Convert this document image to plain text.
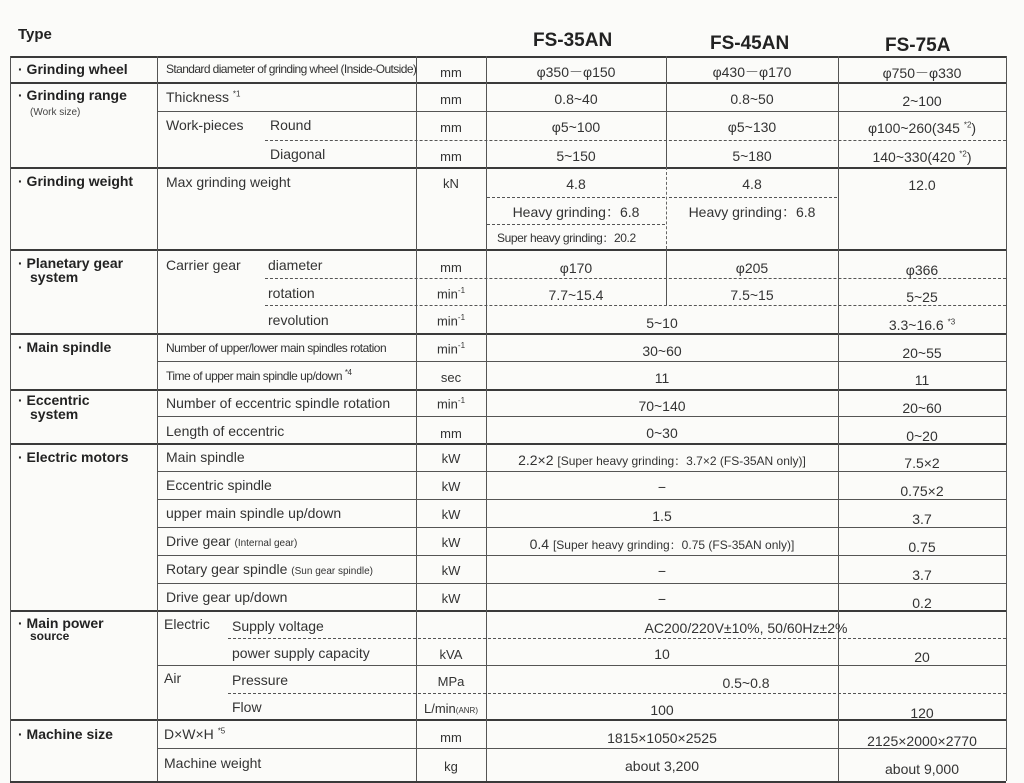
Type	FS-35AN	FS-45AN	FS-75A
· Grinding wheel	Standard diameter of grinding wheel (Inside-Outside)	mm	φ350－φ150	φ430－φ170	φ750－φ330
· Grinding range
(Work size)
Thickness $^{*1}$	mm	0.8~40	0.8~50	2~100
Work-pieces Round	mm	φ5~100	φ5~130	φ100~260(345 $^{*2}$)
Diagonal	mm	5~150	5~180	140~330(420 $^{*2}$)
· Grinding weight Max grinding weight	kN	4.8	4.8	12.0
Heavy grinding：6.8	Heavy grinding：6.8
Super heavy grinding：20.2
· Planetary gear
system
Carrier gear diameter	mm	φ170	φ205	φ366
rotation	$\min^{-1}$	7.7~15.4	7.5~15	5~25
revolution	$\min^{-1}$	5~10	3.3~16.6 $^{*3}$
· Main spindle	Number of upper/lower main spindles rotation	$\min^{-1}$	30~60	20~55
Time of upper main spindle up/down $^{*4}$	sec	11	11
· Eccentric
system
Number of eccentric spindle rotation	$\min^{-1}$	70~140	20~60
Length of eccentric	mm	0~30	0~20
· Electric motors	Main spindle	kW	2.2×2 [Super heavy grinding：3.7×2 (FS-35AN only)]	7.5×2
Eccentric spindle	kW	−	0.75×2
upper main spindle up/down	kW	1.5	3.7
Drive gear (Internal gear)	kW	0.4 [Super heavy grinding：0.75 (FS-35AN only)]	0.75
Rotary gear spindle (Sun gear spindle)	kW	−	3.7
Drive gear up/down	kW	−	0.2
· Main power
source
Electric Supply voltage	AC200/220V±10%, 50/60Hz±2%
power supply capacity	kVA	10	20
Air	Pressure	MPa	0.5~0.8
Flow	L/min(ANR)	100	120
· Machine size	D×W×H $^{*5}$	mm	1815×1050×2525	2125×2000×2770
Machine weight	kg	about 3,200	about 9,000
